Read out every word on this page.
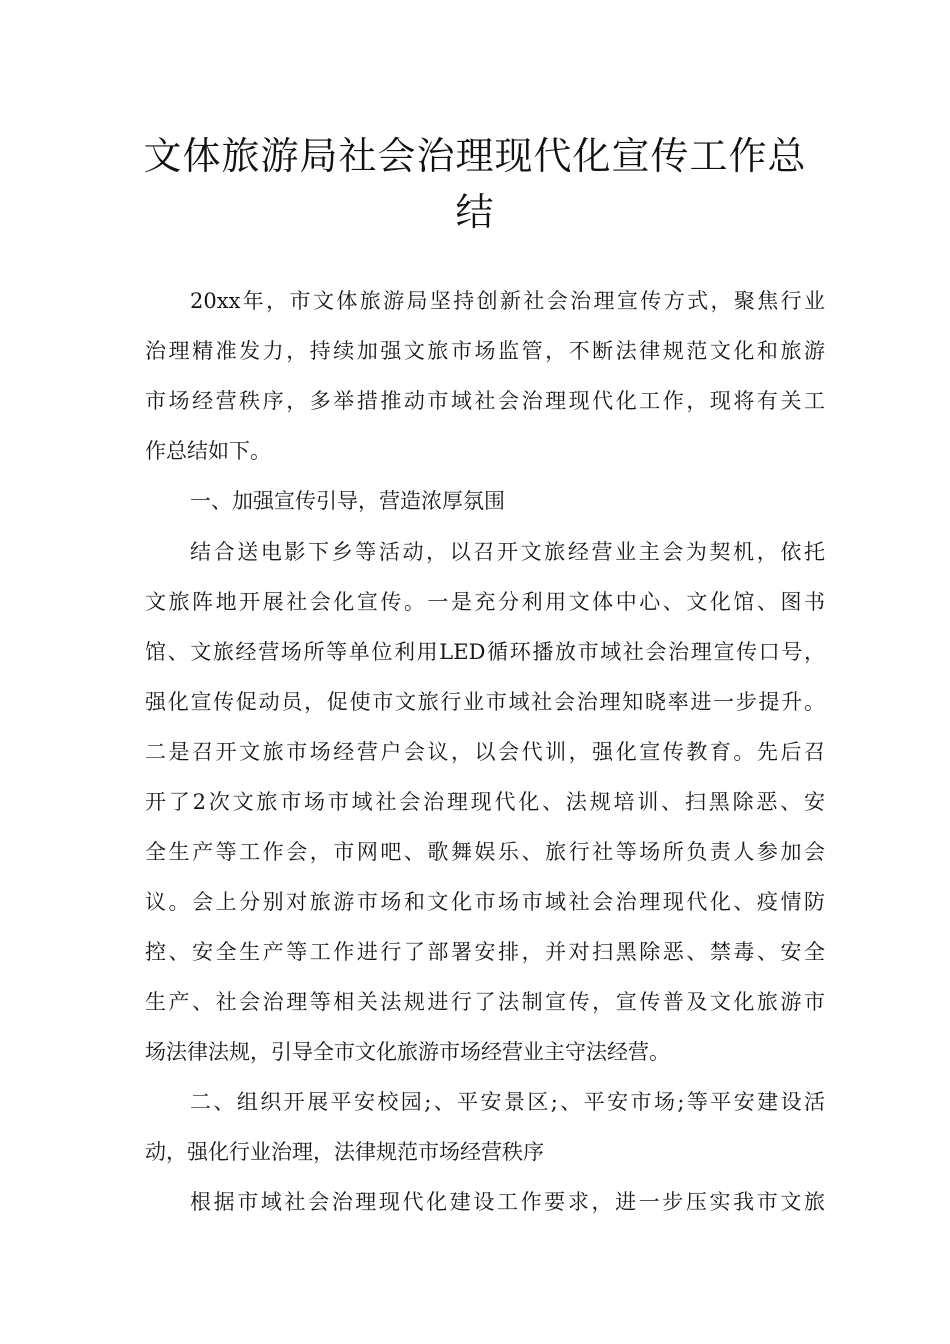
文体旅游局社会治理现代化宣传工作总
结
20xx年，市文体旅游局坚持创新社会治理宣传方式，聚焦行业
治理精准发力，持续加强文旅市场监管，不断法律规范文化和旅游
市场经营秩序，多举措推动市域社会治理现代化工作，现将有关工
作总结如下。
一、加强宣传引导，营造浓厚氛围
结合送电影下乡等活动，以召开文旅经营业主会为契机，依托
文旅阵地开展社会化宣传。一是充分利用文体中心、文化馆、图书
馆、文旅经营场所等单位利用LED循环播放市域社会治理宣传口号，
强化宣传促动员，促使市文旅行业市域社会治理知晓率进一步提升。
二是召开文旅市场经营户会议，以会代训，强化宣传教育。先后召
开了2次文旅市场市域社会治理现代化、法规培训、扫黑除恶、安
全生产等工作会，市网吧、歌舞娱乐、旅行社等场所负责人参加会
议。会上分别对旅游市场和文化市场市域社会治理现代化、疫情防
控、安全生产等工作进行了部署安排，并对扫黑除恶、禁毒、安全
生产、社会治理等相关法规进行了法制宣传，宣传普及文化旅游市
场法律法规，引导全市文化旅游市场经营业主守法经营。
二、组织开展平安校园;、平安景区;、平安市场;等平安建设活
动，强化行业治理，法律规范市场经营秩序
根据市域社会治理现代化建设工作要求，进一步压实我市文旅
